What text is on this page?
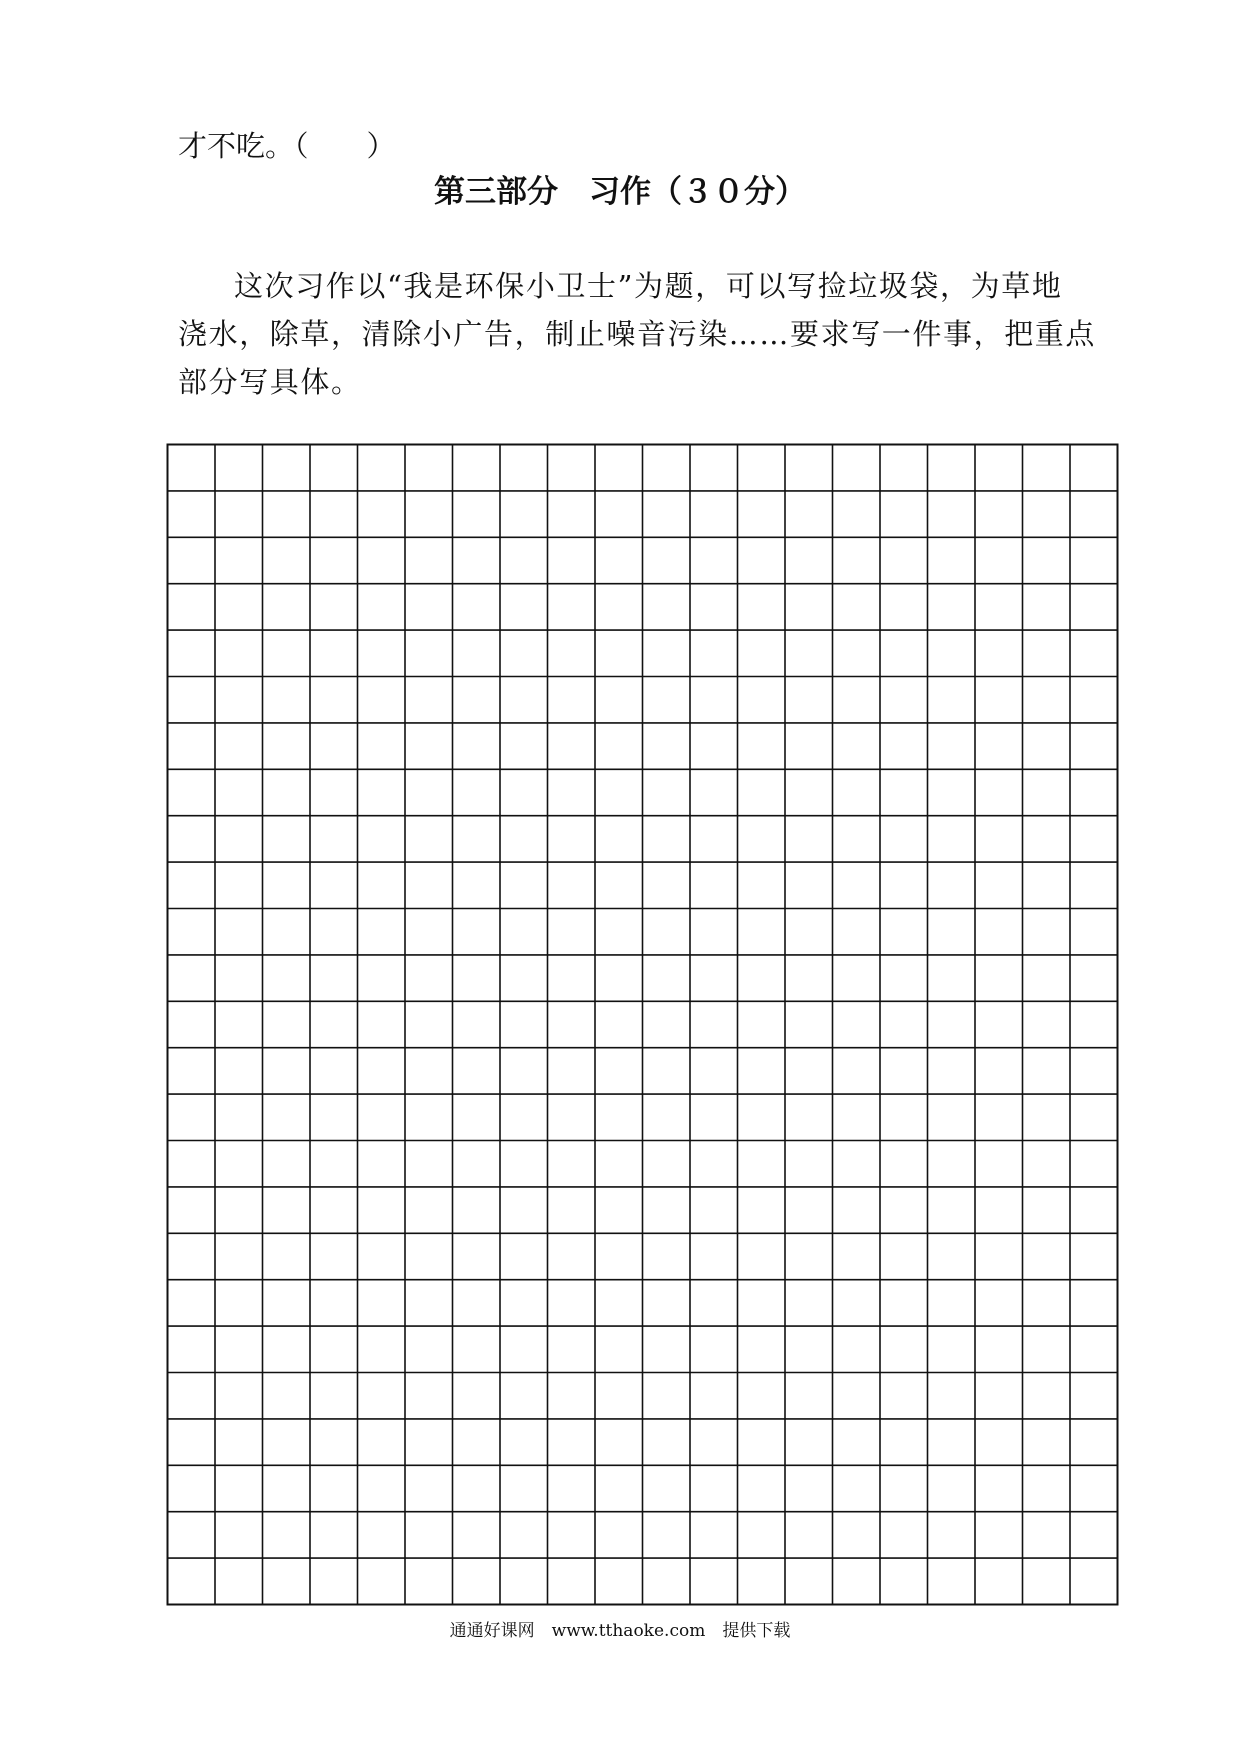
才不吃。（　　）

第三部分　习作（３０分）
这次习作以“我是环保小卫士”为题，可以写捡垃圾袋，为草地
浇水，除草，清除小广告，制止噪音污染……要求写一件事，把重点
部分写具体。

通通好课网　www.tthaoke.com　提供下载
